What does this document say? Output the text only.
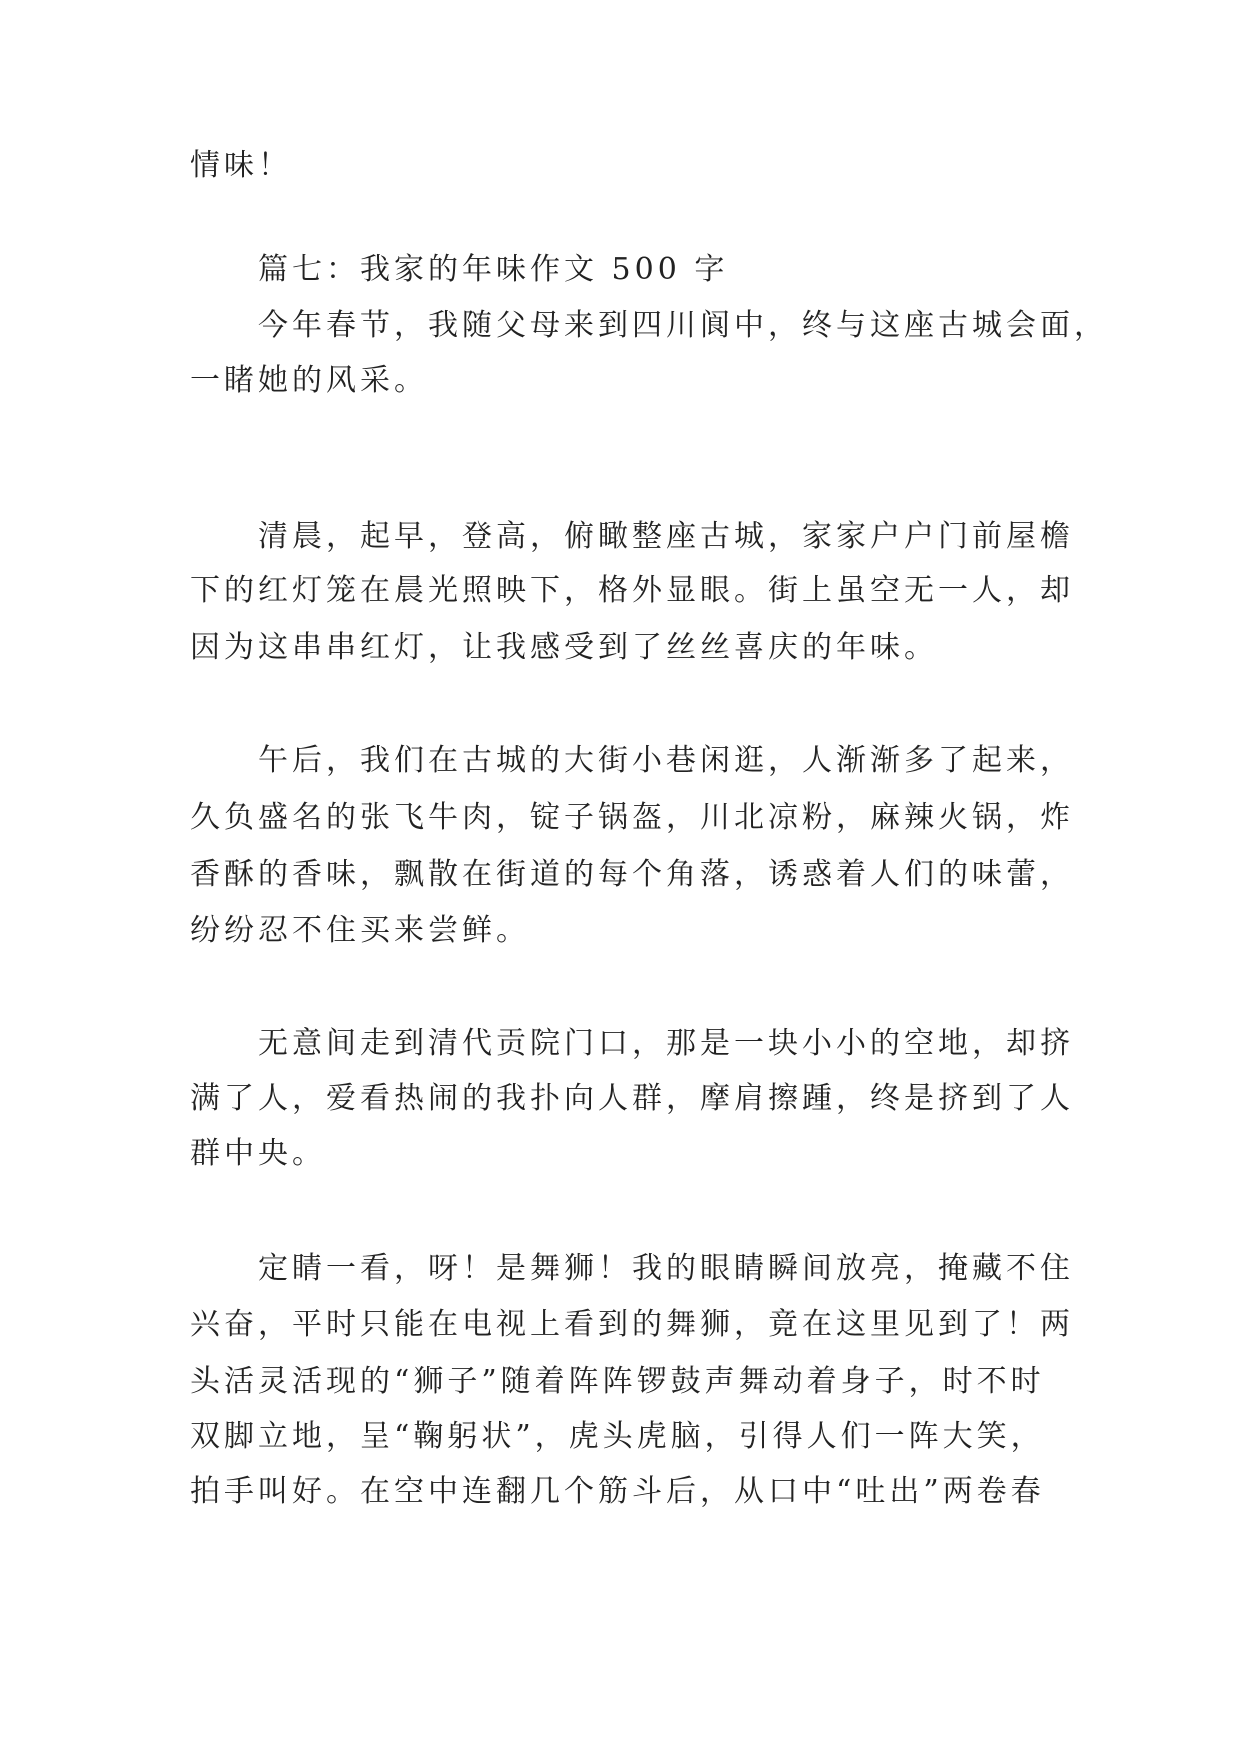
情味！
篇七：我家的年味作文 500 字
今年春节，我随父母来到四川阆中，终与这座古城会面，
一睹她的风采。
清晨，起早，登高，俯瞰整座古城，家家户户门前屋檐
下的红灯笼在晨光照映下，格外显眼。街上虽空无一人，却
因为这串串红灯，让我感受到了丝丝喜庆的年味。
午后，我们在古城的大街小巷闲逛，人渐渐多了起来，
久负盛名的张飞牛肉，锭子锅盔，川北凉粉，麻辣火锅，炸
香酥的香味，飘散在街道的每个角落，诱惑着人们的味蕾，
纷纷忍不住买来尝鲜。
无意间走到清代贡院门口，那是一块小小的空地，却挤
满了人，爱看热闹的我扑向人群，摩肩擦踵，终是挤到了人
群中央。
定睛一看，呀！是舞狮！我的眼睛瞬间放亮，掩藏不住
兴奋，平时只能在电视上看到的舞狮，竟在这里见到了！两
头活灵活现的“狮子”随着阵阵锣鼓声舞动着身子，时不时
双脚立地，呈“鞠躬状”，虎头虎脑，引得人们一阵大笑，
拍手叫好。在空中连翻几个筋斗后，从口中“吐出”两卷春
